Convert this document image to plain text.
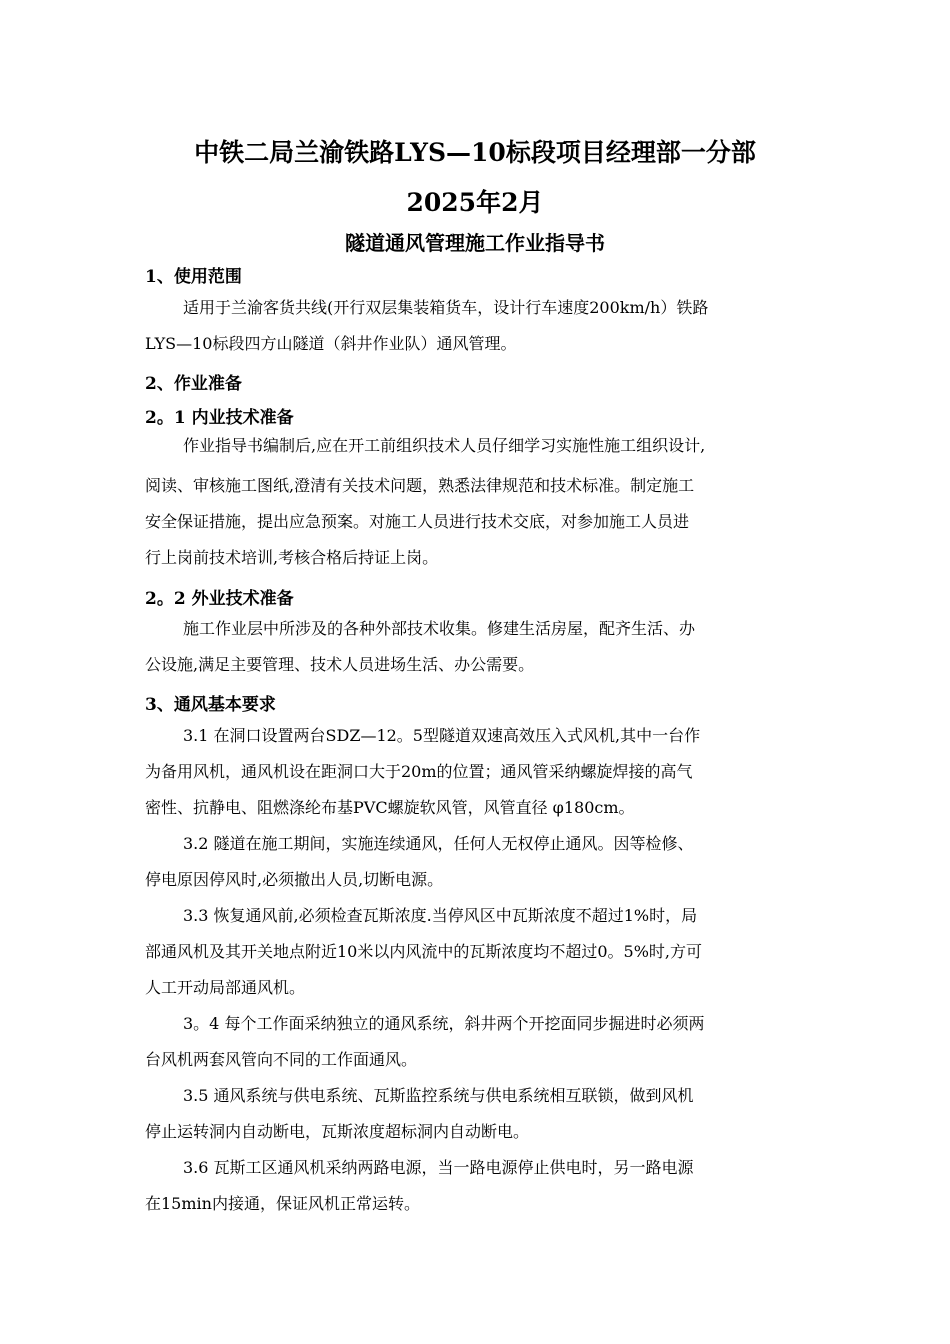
中铁二局兰渝铁路LYS—10标段项目经理部一分部
2025年2月
隧道通风管理施工作业指导书
1、使用范围
适用于兰渝客货共线(开行双层集装箱货车，设计行车速度200km/h）铁路
LYS—10标段四方山隧道（斜井作业队）通风管理。
2、作业准备
2。1 内业技术准备
作业指导书编制后,应在开工前组织技术人员仔细学习实施性施工组织设计,
阅读、审核施工图纸,澄清有关技术问题，熟悉法律规范和技术标准。制定施工
安全保证措施，提出应急预案。对施工人员进行技术交底，对参加施工人员进
行上岗前技术培训,考核合格后持证上岗。
2。2 外业技术准备
施工作业层中所涉及的各种外部技术收集。修建生活房屋，配齐生活、办
公设施,满足主要管理、技术人员进场生活、办公需要。
3、通风基本要求
3.1 在洞口设置两台SDZ—12。5型隧道双速高效压入式风机,其中一台作
为备用风机，通风机设在距洞口大于20m的位置；通风管采纳螺旋焊接的高气
密性、抗静电、阻燃涤纶布基PVC螺旋软风管，风管直径 φ180cm。
3.2 隧道在施工期间，实施连续通风，任何人无权停止通风。因等检修、
停电原因停风时,必须撤出人员,切断电源。
3.3 恢复通风前,必须检查瓦斯浓度.当停风区中瓦斯浓度不超过1%时，局
部通风机及其开关地点附近10米以内风流中的瓦斯浓度均不超过0。5%时,方可
人工开动局部通风机。
3。4 每个工作面采纳独立的通风系统，斜井两个开挖面同步掘进时必须两
台风机两套风管向不同的工作面通风。
3.5 通风系统与供电系统、瓦斯监控系统与供电系统相互联锁，做到风机
停止运转洞内自动断电，瓦斯浓度超标洞内自动断电。
3.6 瓦斯工区通风机采纳两路电源，当一路电源停止供电时，另一路电源
在15min内接通，保证风机正常运转。
